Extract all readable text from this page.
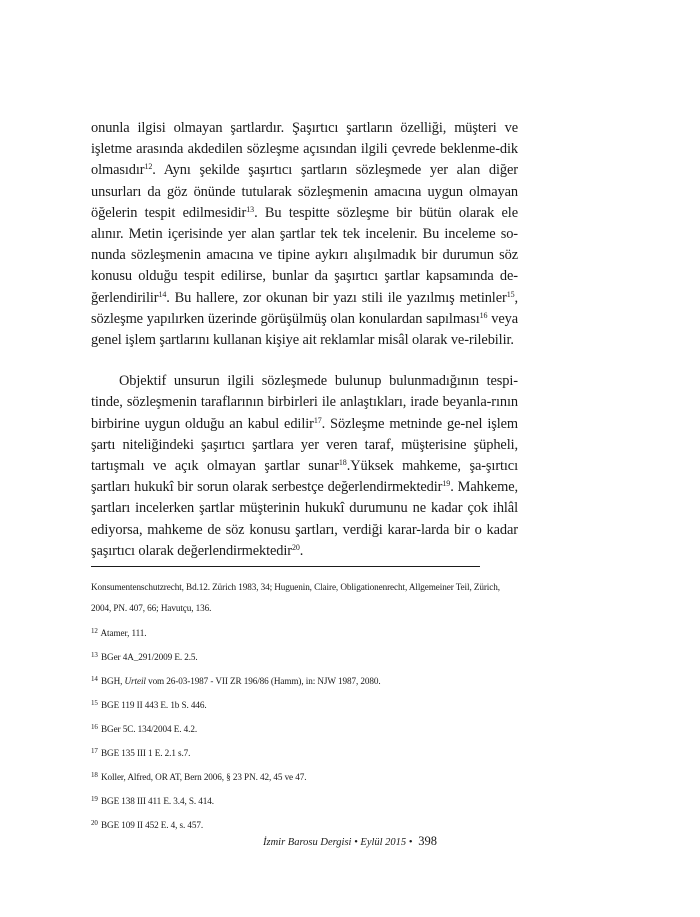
onunla ilgisi olmayan şartlardır. Şaşırtıcı şartların özelliği, müşteri ve işletme arasında akdedilen sözleşme açısından ilgili çevrede beklenme-dik olmasıdır$^{12}$. Aynı şekilde şaşırtıcı şartların sözleşmede yer alan diğer unsurları da göz önünde tutularak sözleşmenin amacına uygun olmayan öğelerin tespit edilmesidir$^{13}$. Bu tespitte sözleşme bir bütün olarak ele alınır. Metin içerisinde yer alan şartlar tek tek incelenir. Bu inceleme so-nunda sözleşmenin amacına ve tipine aykırı alışılmadık bir durumun söz konusu olduğu tespit edilirse, bunlar da şaşırtıcı şartlar kapsamında de-ğerlendirilir$^{14}$. Bu hallere, zor okunan bir yazı stili ile yazılmış metinler$^{15}$, sözleşme yapılırken üzerinde görüşülmüş olan konulardan sapılması$^{16}$ veya genel işlem şartlarını kullanan kişiye ait reklamlar misâl olarak ve-rilebilir.

Objektif unsurun ilgili sözleşmede bulunup bulunmadığının tespi-tinde, sözleşmenin taraflarının birbirleri ile anlaştıkları, irade beyanla-rının birbirine uygun olduğu an kabul edilir$^{17}$. Sözleşme metninde ge-nel işlem şartı niteliğindeki şaşırtıcı şartlara yer veren taraf, müşterisine şüpheli, tartışmalı ve açık olmayan şartlar sunar$^{18}$.Yüksek mahkeme, şa-şırtıcı şartları hukukî bir sorun olarak serbestçe değerlendirmektedir$^{19}$. Mahkeme, şartları incelerken şartlar müşterinin hukukî durumunu ne kadar çok ihlâl ediyorsa, mahkeme de söz konusu şartları, verdiği karar-larda bir o kadar şaşırtıcı olarak değerlendirmektedir$^{20}$.

Konsumentenschutzrecht, Bd.12. Zürich 1983, 34; Huguenin, Claire, Obligationenrecht, Allgemeiner Teil, Zürich, 2004, PN. 407, 66; Havutçu, 136.

$^{12}$ Atamer, 111.

$^{13}$ BGer 4A_291/2009 E. 2.5.

$^{14}$ BGH, Urteil vom 26-03-1987 - VII ZR 196/86 (Hamm), in: NJW 1987, 2080.

$^{15}$ BGE 119 II 443 E. 1b S. 446.

$^{16}$ BGer 5C. 134/2004 E. 4.2.

$^{17}$ BGE 135 III 1 E. 2.1 s.7.

$^{18}$ Koller, Alfred, OR AT, Bern 2006, § 23 PN. 42, 45 ve 47.

$^{19}$ BGE 138 III 411 E. 3.4, S. 414.

$^{20}$ BGE 109 II 452 E. 4, s. 457.

İzmir Barosu Dergisi • Eylül 2015 • 398
